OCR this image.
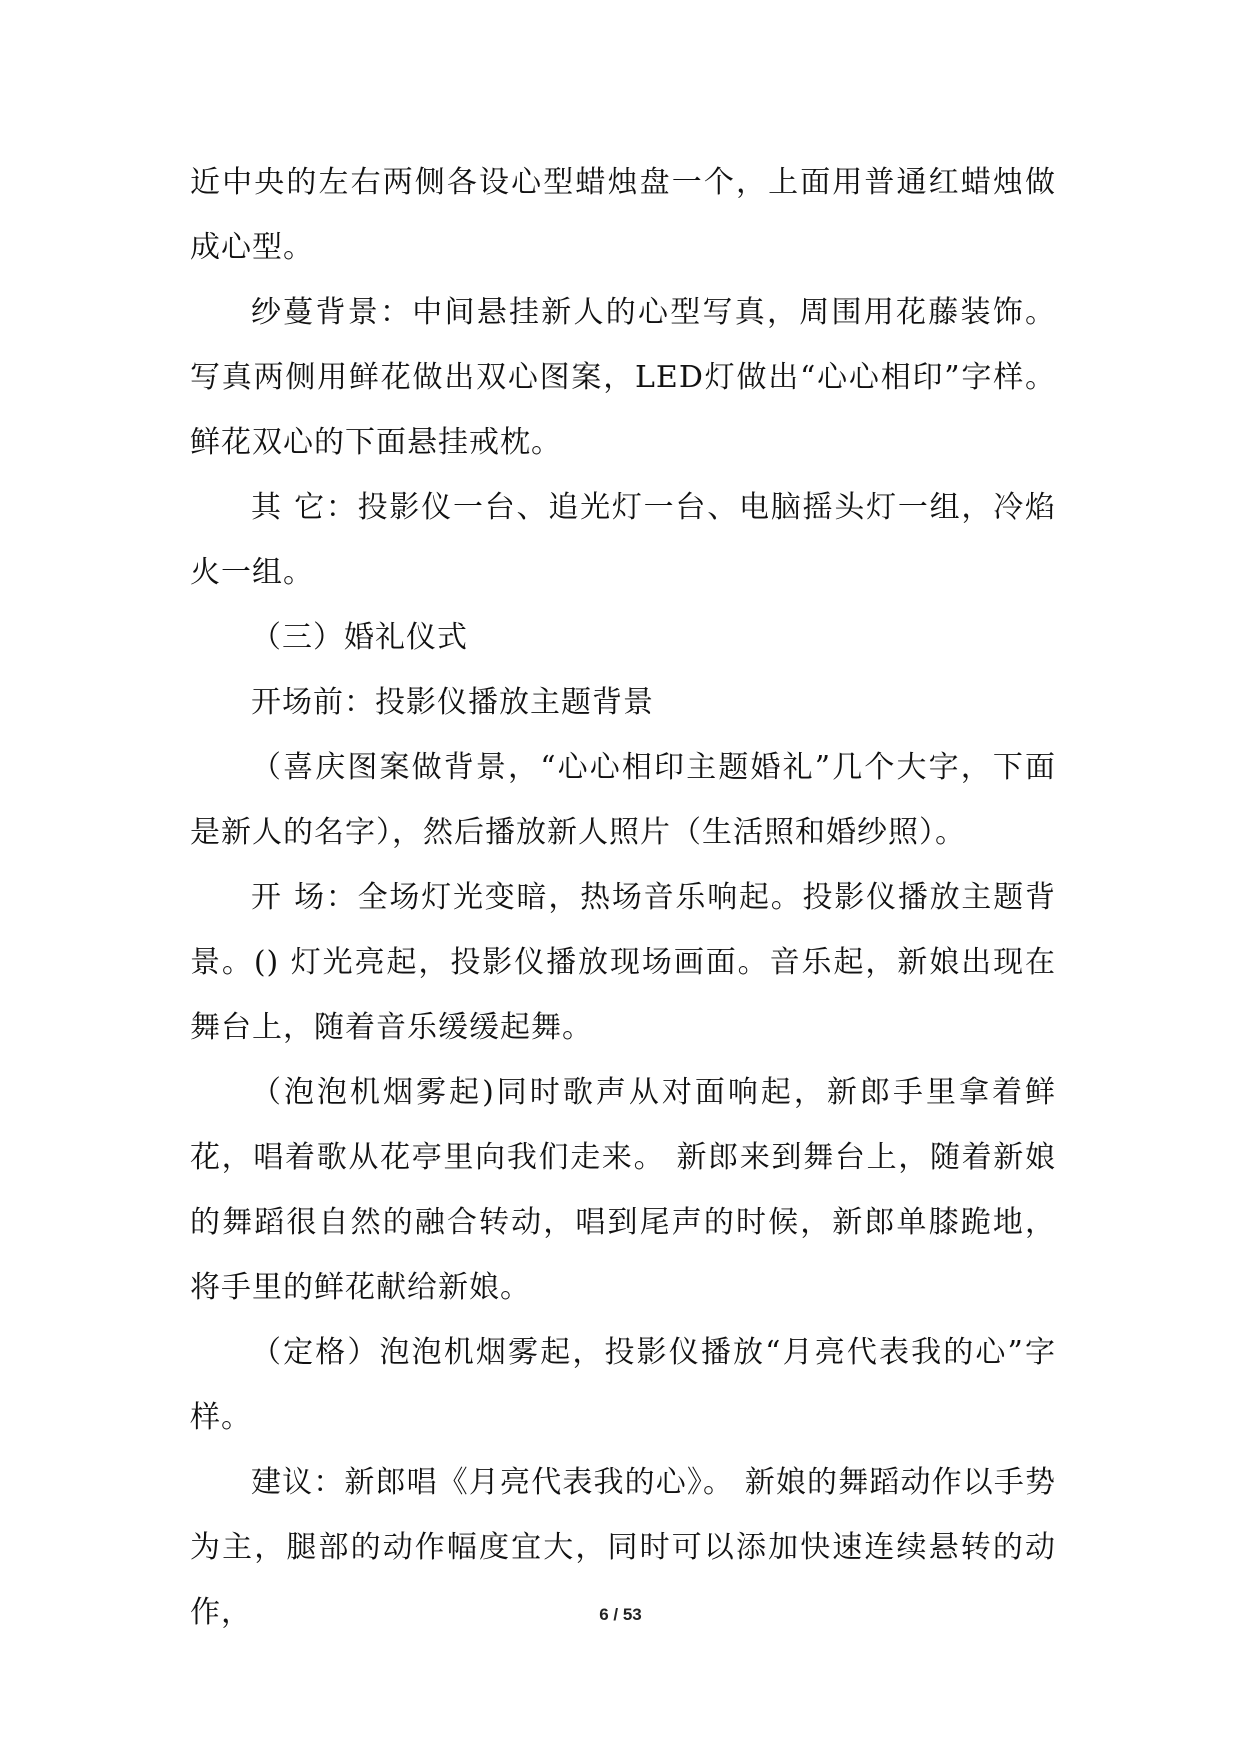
近中央的左右两侧各设心型蜡烛盘一个，上面用普通红蜡烛做成心型。

纱蔓背景：中间悬挂新人的心型写真，周围用花藤装饰。写真两侧用鲜花做出双心图案，LED灯做出“心心相印”字样。鲜花双心的下面悬挂戒枕。

其 它：投影仪一台、追光灯一台、电脑摇头灯一组，冷焰火一组。

（三）婚礼仪式

开场前：投影仪播放主题背景

（喜庆图案做背景，“心心相印主题婚礼”几个大字，下面是新人的名字），然后播放新人照片（生活照和婚纱照）。

开 场：全场灯光变暗，热场音乐响起。投影仪播放主题背景。() 灯光亮起，投影仪播放现场画面。音乐起，新娘出现在舞台上，随着音乐缓缓起舞。

（泡泡机烟雾起)同时歌声从对面响起，新郎手里拿着鲜花，唱着歌从花亭里向我们走来。 新郎来到舞台上，随着新娘的舞蹈很自然的融合转动，唱到尾声的时候，新郎单膝跪地，将手里的鲜花献给新娘。

（定格）泡泡机烟雾起，投影仪播放“月亮代表我的心”字样。

建议：新郎唱《月亮代表我的心》。 新娘的舞蹈动作以手势为主，腿部的动作幅度宜大，同时可以添加快速连续悬转的动作，	6 / 53
